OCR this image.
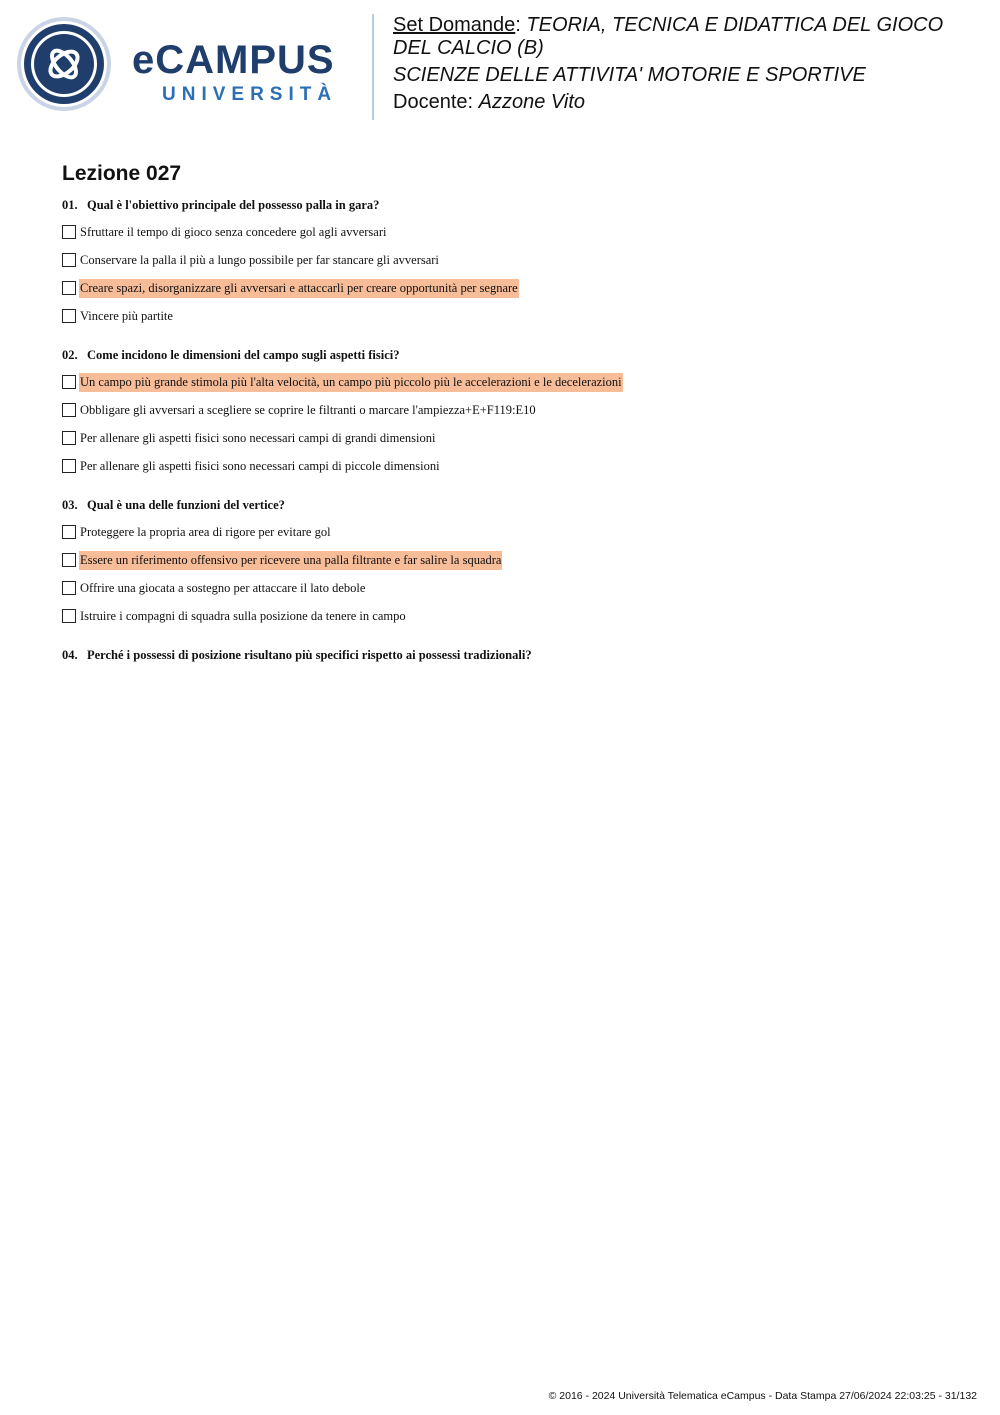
eCAMPUS
UNIVERSITÀ
Set Domande: TEORIA, TECNICA E DIDATTICA DEL GIOCO DEL CALCIO (B)
SCIENZE DELLE ATTIVITA' MOTORIE E SPORTIVE
Docente: Azzone Vito
Lezione 027
01. Qual è l'obiettivo principale del possesso palla in gara?
Sfruttare il tempo di gioco senza concedere gol agli avversari
Conservare la palla il più a lungo possibile per far stancare gli avversari
Creare spazi, disorganizzare gli avversari e attaccarli per creare opportunità per segnare
Vincere più partite
02. Come incidono le dimensioni del campo sugli aspetti fisici?
Un campo più grande stimola più l'alta velocità, un campo più piccolo più le accelerazioni e le decelerazioni
Obbligare gli avversari a scegliere se coprire le filtranti o marcare l'ampiezza+E+F119:E10
Per allenare gli aspetti fisici sono necessari campi di grandi dimensioni
Per allenare gli aspetti fisici sono necessari campi di piccole dimensioni
03. Qual è una delle funzioni del vertice?
Proteggere la propria area di rigore per evitare gol
Essere un riferimento offensivo per ricevere una palla filtrante e far salire la squadra
Offrire una giocata a sostegno per attaccare il lato debole
Istruire i compagni di squadra sulla posizione da tenere in campo
04. Perché i possessi di posizione risultano più specifici rispetto ai possessi tradizionali?
© 2016 - 2024 Università Telematica eCampus - Data Stampa 27/06/2024 22:03:25 - 31/132
